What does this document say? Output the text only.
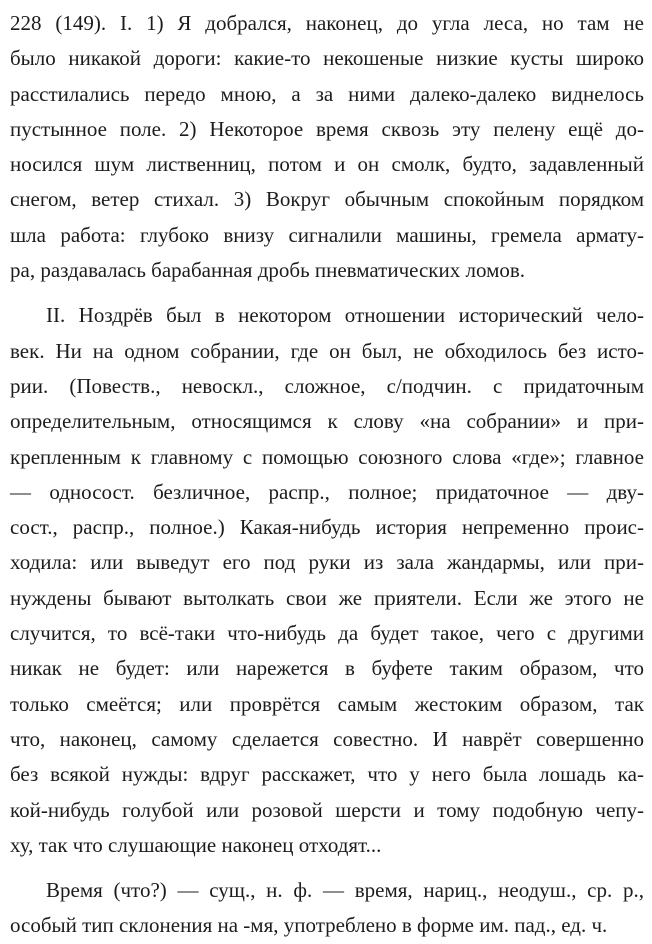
228 (149). I. 1) Я добрался, наконец, до угла леса, но там не
было никакой дороги: какие-то некошеные низкие кусты широко
расстилались передо мною, а за ними далеко-далеко виднелось
пустынное поле. 2) Некоторое время сквозь эту пелену ещё до-
носился шум лиственниц, потом и он смолк, будто, задавленный
снегом, ветер стихал. 3) Вокруг обычным спокойным порядком
шла работа: глубоко внизу сигналили машины, гремела армату-
ра, раздавалась барабанная дробь пневматических ломов.
II. Ноздрёв был в некотором отношении исторический чело-
век. Ни на одном собрании, где он был, не обходилось без исто-
рии. (Повеств., невоскл., сложное, с/подчин. с придаточным
определительным, относящимся к слову «на собрании» и при-
крепленным к главному с помощью союзного слова «где»; главное
— односост. безличное, распр., полное; придаточное — дву-
сост., распр., полное.) Какая-нибудь история непременно проис-
ходила: или выведут его под руки из зала жандармы, или при-
нуждены бывают вытолкать свои же приятели. Если же этого не
случится, то всё-таки что-нибудь да будет такое, чего с другими
никак не будет: или нарежется в буфете таким образом, что
только смеётся; или проврётся самым жестоким образом, так
что, наконец, самому сделается совестно. И наврёт совершенно
без всякой нужды: вдруг расскажет, что у него была лошадь ка-
кой-нибудь голубой или розовой шерсти и тому подобную чепу-
ху, так что слушающие наконец отходят...
Время (что?) — сущ., н. ф. — время, нариц., неодуш., ср. р.,
особый тип склонения на -мя, употреблено в форме им. пад., ед. ч.
